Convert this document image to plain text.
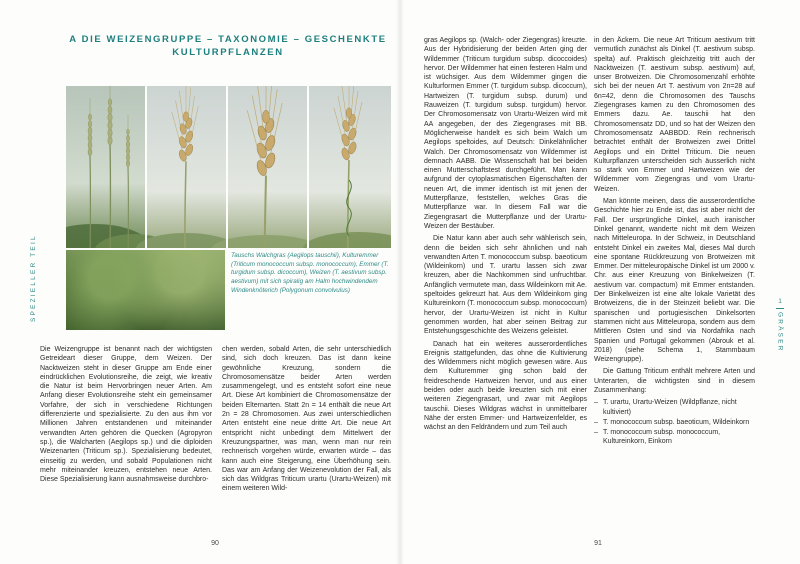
SPEZIELLER TEIL
A DIE WEIZENGRUPPE – TAXONOMIE – GESCHENKTE
KULTURPFLANZEN
Tauschs Walchgras (Aegilops tauschii), Kulturemmer (Triticum monococcum subsp. monococcum), Emmer (T. turgidum subsp. dicoccum), Weizen (T. aestivum subsp. aestivum) mit sich spiralig am Halm hochwindendem Windenknöterich (Polygonum convolvulus)

Die Weizengruppe ist benannt nach der wichtigsten Getreideart dieser Gruppe, dem Weizen. Der Nacktweizen steht in dieser Gruppe am Ende einer eindrücklichen Evolutionsreihe, die zeigt, wie kreativ die Natur ist beim Hervorbringen neuer Arten. Am Anfang dieser Evolutionsreihe steht ein gemeinsamer Vorfahre, der sich in verschiedene Richtungen differenzierte und spezialisierte. Zu den aus ihm vor Millionen Jahren entstandenen und miteinander verwandten Arten gehören die Quecken (Agropyron sp.), die Walcharten (Aegilops sp.) und die diploiden Weizenarten (Triticum sp.). Spezialisierung bedeutet, einseitig zu werden, und sobald Populationen nicht mehr miteinander kreuzen, entstehen neue Arten. Diese Spezialisierung kann ausnahmsweise durchbro-

chen werden, sobald Arten, die sehr unterschiedlich sind, sich doch kreuzen. Das ist dann keine gewöhnliche Kreuzung, sondern die Chromosomensätze beider Arten werden zusammengelegt, und es entsteht sofort eine neue Art. Diese Art kombiniert die Chromosomensätze der beiden Elternarten. Statt 2n = 14 enthält die neue Art 2n = 28 Chromosomen. Aus zwei unterschiedlichen Arten entsteht eine neue dritte Art. Die neue Art entspricht nicht unbedingt dem Mittelwert der Kreuzungspartner, was man, wenn man nur rein rechnerisch vorgehen würde, erwarten würde – das kann auch eine Steigerung, eine Überhöhung sein. Das war am Anfang der Weizenevolution der Fall, als sich das Wildgras Triticum urartu (Urartu-Weizen) mit einem weiteren Wild-

90

gras Aegilops sp. (Walch- oder Ziegengras) kreuzte. Aus der Hybridisierung der beiden Arten ging der Wildemmer (Triticum turgidum subsp. dicoccoides) hervor. Der Wildemmer hat einen festeren Halm und ist wüchsiger. Aus dem Wildemmer gingen die Kulturformen Emmer (T. turgidum subsp. dicoccum), Hartweizen (T. turgidum subsp. durum) und Rauweizen (T. turgidum subsp. turgidum) hervor. Der Chromosomensatz von Urartu-Weizen wird mit AA angegeben, der des Ziegengrases mit BB. Möglicherweise handelt es sich beim Walch um Aegilops speltoides, auf Deutsch: Dinkelähnlicher Walch. Der Chromosomensatz von Wildemmer ist demnach AABB. Die Wissenschaft hat bei beiden einen Mutterschaftstest durchgeführt. Man kann aufgrund der cytoplasmatischen Eigenschaften der neuen Art, die immer identisch ist mit jenen der Mutterpflanze, feststellen, welches Gras die Mutterpflanze war. In diesem Fall war die Ziegengrasart die Mutterpflanze und der Urartu-Weizen der Bestäuber.

Die Natur kann aber auch sehr wählerisch sein, denn die beiden sich sehr ähnlichen und nah verwandten Arten T. monococcum subsp. baeoticum (Wildeinkorn) und T. urartu lassen sich zwar kreuzen, aber die Nachkommen sind unfruchtbar. Anfänglich vermutete man, dass Wildeinkorn mit Ae. speltoides gekreuzt hat. Aus dem Wildeinkorn ging Kultureinkorn (T. monococcum subsp. monococcum) hervor, der Urartu-Weizen ist nicht in Kultur genommen worden, hat aber seinen Beitrag zur Entstehungsgeschichte des Weizens geleistet.

Danach hat ein weiteres ausserordentliches Ereignis stattgefunden, das ohne die Kultivierung des Wildemmers nicht möglich gewesen wäre. Aus dem Kulturemmer ging schon bald der freidreschende Hartweizen hervor, und aus einer beiden oder auch beide kreuzten sich mit einer weiteren Ziegengrasart, und zwar mit Aegilops tauschii. Dieses Wildgras wächst in unmittelbarer Nähe der ersten Emmer- und Hartweizenfelder, es wächst an den Feldrändern und zum Teil auch

in den Äckern. Die neue Art Triticum aestivum tritt vermutlich zunächst als Dinkel (T. aestivum subsp. spelta) auf. Praktisch gleichzeitig tritt auch der Nacktweizen (T. aestivum subsp. aestivum) auf, unser Brotweizen. Die Chromosomenzahl erhöhte sich bei der neuen Art T. aestivum von 2n=28 auf 6n=42, denn die Chromosomen des Tauschs Ziegengrases kamen zu den Chromosomen des Emmers dazu. Ae. tauschii hat den Chromosomensatz DD, und so hat der Weizen den Chromosomensatz AABBDD. Rein rechnerisch betrachtet enthält der Brotweizen zwei Drittel Aegilops und ein Drittel Triticum. Die neuen Kulturpflanzen unterscheiden sich äusserlich nicht so stark von Emmer und Hartweizen wie der Wildemmer vom Ziegengras und vom Urartu-Weizen.

Man könnte meinen, dass die ausserordentliche Geschichte hier zu Ende ist, das ist aber nicht der Fall. Der ursprüngliche Dinkel, auch iranischer Dinkel genannt, wanderte nicht mit dem Weizen nach Mitteleuropa. In der Schweiz, in Deutschland entsteht Dinkel ein zweites Mal, dieses Mal durch eine spontane Rückkreuzung von Brotweizen mit Emmer. Der mitteleuropäische Dinkel ist um 2000 v. Chr. aus einer Kreuzung von Binkelweizen (T. aestivum var. compactum) mit Emmer entstanden. Der Binkelweizen ist eine alte lokale Varietät des Brotweizens, die in der Steinzeit beliebt war. Die spanischen und portugiesischen Dinkelsorten stammen nicht aus Mitteleuropa, sondern aus dem Mittleren Osten und sind via Nordafrika nach Spanien und Portugal gekommen (Abrouk et al. 2018) (siehe Schema 1, Stammbaum Weizengruppe).

Die Gattung Triticum enthält mehrere Arten und Unterarten, die wichtigsten sind in diesem Zusammenhang:

– T. urartu, Urartu-Weizen (Wildpflanze, nicht kultiviert)
– T. monococcum subsp. baeoticum, Wildeinkorn
– T. monococcum subsp. monococcum, Kultureinkorn, Einkorn
1
GRÄSER
91
